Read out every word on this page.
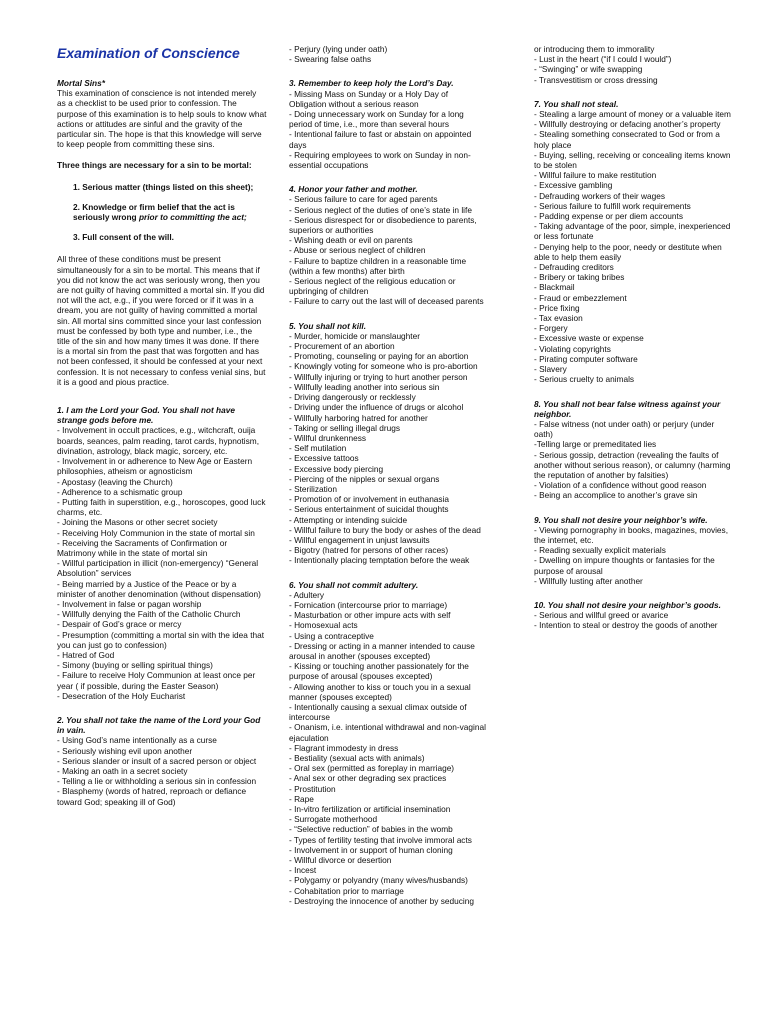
Examination of Conscience
Mortal Sins*
This examination of conscience is not intended merely as a checklist to be used prior to confession. The purpose of this examination is to help souls to know what actions or attitudes are sinful and the gravity of the particular sin. The hope is that this knowledge will serve to keep people from committing these sins.
Three things are necessary for a sin to be mortal:
1. Serious matter (things listed on this sheet);
2. Knowledge or firm belief that the act is seriously wrong prior to committing the act;
3. Full consent of the will.
All three of these conditions must be present simultaneously for a sin to be mortal. This means that if you did not know the act was seriously wrong, then you are not guilty of having committed a mortal sin. If you did not will the act, e.g., if you were forced or if it was in a dream, you are not guilty of having committed a mortal sin. All mortal sins committed since your last confession must be confessed by both type and number, i.e., the title of the sin and how many times it was done. If there is a mortal sin from the past that was forgotten and has not been confessed, it should be confessed at your next confession. It is not necessary to confess venial sins, but it is a good and pious practice.
1. I am the Lord your God. You shall not have strange gods before me.
- Involvement in occult practices, e.g., witchcraft, ouija boards, seances, palm reading, tarot cards, hypnotism, divination, astrology, black magic, sorcery, etc.
- Involvement in or adherence to New Age or Eastern philosophies, atheism or agnosticism
- Apostasy (leaving the Church)
- Adherence to a schismatic group
- Putting faith in superstition, e.g., horoscopes, good luck charms, etc.
- Joining the Masons or other secret society
- Receiving Holy Communion in the state of mortal sin
- Receiving the Sacraments of Confirmation or Matrimony while in the state of mortal sin
- Willful participation in illicit (non-emergency) “General Absolution” services
- Being married by a Justice of the Peace or by a minister of another denomination (without dispensation)
- Involvement in false or pagan worship
- Willfully denying the Faith of the Catholic Church
- Despair of God’s grace or mercy
- Presumption (committing a mortal sin with the idea that you can just go to confession)
- Hatred of God
- Simony (buying or selling spiritual things)
- Failure to receive Holy Communion at least once per year ( if possible, during the Easter Season)
- Desecration of the Holy Eucharist
2. You shall not take the name of the Lord your God in vain.
- Using God’s name intentionally as a curse
- Seriously wishing evil upon another
- Serious slander or insult of a sacred person or object
- Making an oath in a secret society
- Telling a lie or withholding a serious sin in confession
- Blasphemy (words of hatred, reproach or defiance toward God; speaking ill of God)
- Perjury (lying under oath)
- Swearing false oaths
3. Remember to keep holy the Lord’s Day.
- Missing Mass on Sunday or a Holy Day of Obligation without a serious reason
- Doing unnecessary work on Sunday for a long period of time, i.e., more than several hours
- Intentional failure to fast or abstain on appointed days
- Requiring employees to work on Sunday in non-essential occupations
4. Honor your father and mother.
- Serious failure to care for aged parents
- Serious neglect of the duties of one’s state in life
- Serious disrespect for or disobedience to parents, superiors or authorities
- Wishing death or evil on parents
- Abuse or serious neglect of children
- Failure to baptize children in a reasonable time (within a few months) after birth
- Serious neglect of the religious education or upbringing of children
- Failure to carry out the last will of deceased parents
5. You shall not kill.
- Murder, homicide or manslaughter
- Procurement of an abortion
- Promoting, counseling or paying for an abortion
- Knowingly voting for someone who is pro-abortion
- Willfully injuring or trying to hurt another person
- Willfully leading another into serious sin
- Driving dangerously or recklessly
- Driving under the influence of drugs or alcohol
- Willfully harboring hatred for another
- Taking or selling illegal drugs
- Willful drunkenness
- Self mutilation
- Excessive tattoos
- Excessive body piercing
- Piercing of the nipples or sexual organs
- Sterilization
- Promotion of or involvement in euthanasia
- Serious entertainment of suicidal thoughts
- Attempting or intending suicide
- Willful failure to bury the body or ashes of the dead
- Willful engagement in unjust lawsuits
- Bigotry (hatred for persons of other races)
- Intentionally placing temptation before the weak
6. You shall not commit adultery.
- Adultery
- Fornication (intercourse prior to marriage)
- Masturbation or other impure acts with self
- Homosexual acts
- Using a contraceptive
- Dressing or acting in a manner intended to cause arousal in another (spouses excepted)
- Kissing or touching another passionately for the purpose of arousal (spouses excepted)
- Allowing another to kiss or touch you in a sexual manner (spouses excepted)
- Intentionally causing a sexual climax outside of intercourse
- Onanism, i.e. intentional withdrawal and non-vaginal ejaculation
- Flagrant immodesty in dress
- Bestiality (sexual acts with animals)
- Oral sex (permitted as foreplay in marriage)
- Anal sex or other degrading sex practices
- Prostitution
- Rape
- In-vitro fertilization or artificial insemination
- Surrogate motherhood
- “Selective reduction” of babies in the womb
- Types of fertility testing that involve immoral acts
- Involvement in or support of human cloning
- Willful divorce or desertion
- Incest
- Polygamy or polyandry (many wives/husbands)
- Cohabitation prior to marriage
- Destroying the innocence of another by seducing
or introducing them to immorality
- Lust in the heart (“if I could I would”)
- “Swinging” or wife swapping
- Transvestitism or cross dressing
7. You shall not steal.
- Stealing a large amount of money or a valuable item
- Willfully destroying or defacing another’s property
- Stealing something consecrated to God or from a holy place
- Buying, selling, receiving or concealing items known to be stolen
- Willful failure to make restitution
- Excessive gambling
- Defrauding workers of their wages
- Serious failure to fulfill work requirements
- Padding expense or per diem accounts
- Taking advantage of the poor, simple, inexperienced or less fortunate
- Denying help to the poor, needy or destitute when able to help them easily
- Defrauding creditors
- Bribery or taking bribes
- Blackmail
- Fraud or embezzlement
- Price fixing
- Tax evasion
- Forgery
- Excessive waste or expense
- Violating copyrights
- Pirating computer software
- Slavery
- Serious cruelty to animals
8. You shall not bear false witness against your neighbor.
- False witness (not under oath) or perjury (under oath)
-Telling large or premeditated lies
- Serious gossip, detraction (revealing the faults of another without serious reason), or calumny (harming the reputation of another by falsities)
- Violation of a confidence without good reason
- Being an accomplice to another’s grave sin
9. You shall not desire your neighbor’s wife.
- Viewing pornography in books, magazines, movies, the internet, etc.
- Reading sexually explicit materials
- Dwelling on impure thoughts or fantasies for the purpose of arousal
- Willfully lusting after another
10. You shall not desire your neighbor’s goods.
- Serious and willful greed or avarice
- Intention to steal or destroy the goods of another
